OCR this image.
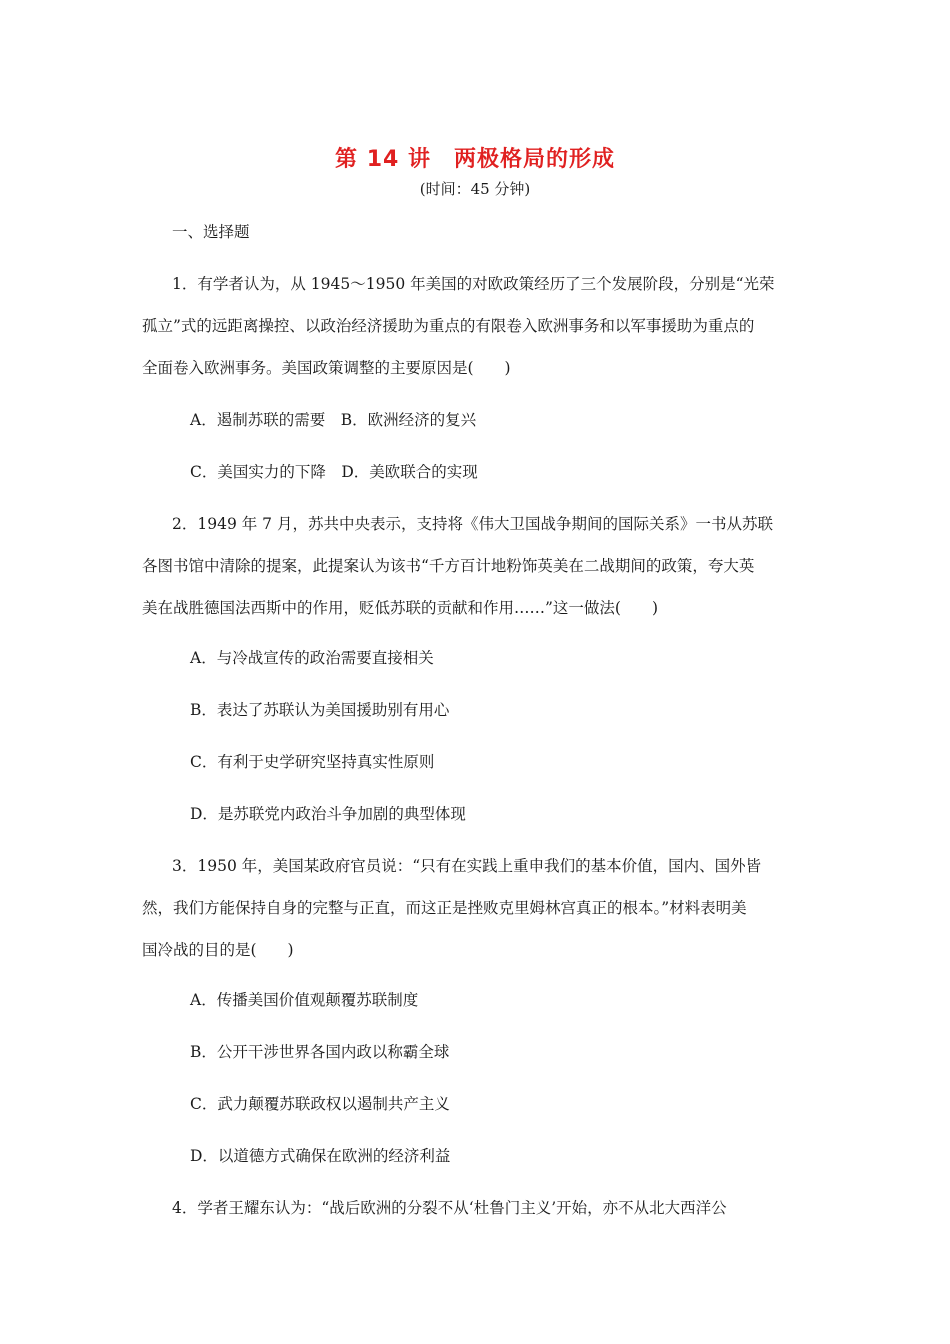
第 14 讲　两极格局的形成
(时间：45 分钟)
一、选择题
1．有学者认为，从 1945～1950 年美国的对欧政策经历了三个发展阶段，分别是“光荣
孤立”式的远距离操控、以政治经济援助为重点的有限卷入欧洲事务和以军事援助为重点的
全面卷入欧洲事务。美国政策调整的主要原因是(　　)
A．遏制苏联的需要　B．欧洲经济的复兴
C．美国实力的下降　D．美欧联合的实现
2．1949 年 7 月，苏共中央表示，支持将《伟大卫国战争期间的国际关系》一书从苏联
各图书馆中清除的提案，此提案认为该书“千方百计地粉饰英美在二战期间的政策，夸大英
美在战胜德国法西斯中的作用，贬低苏联的贡献和作用……”这一做法(　　)
A．与冷战宣传的政治需要直接相关
B．表达了苏联认为美国援助别有用心
C．有利于史学研究坚持真实性原则
D．是苏联党内政治斗争加剧的典型体现
3．1950 年，美国某政府官员说：“只有在实践上重申我们的基本价值，国内、国外皆
然，我们方能保持自身的完整与正直，而这正是挫败克里姆林宫真正的根本。”材料表明美
国冷战的目的是(　　)
A．传播美国价值观颠覆苏联制度
B．公开干涉世界各国内政以称霸全球
C．武力颠覆苏联政权以遏制共产主义
D．以道德方式确保在欧洲的经济利益
4．学者王耀东认为：“战后欧洲的分裂不从‘杜鲁门主义’开始，亦不从北大西洋公
